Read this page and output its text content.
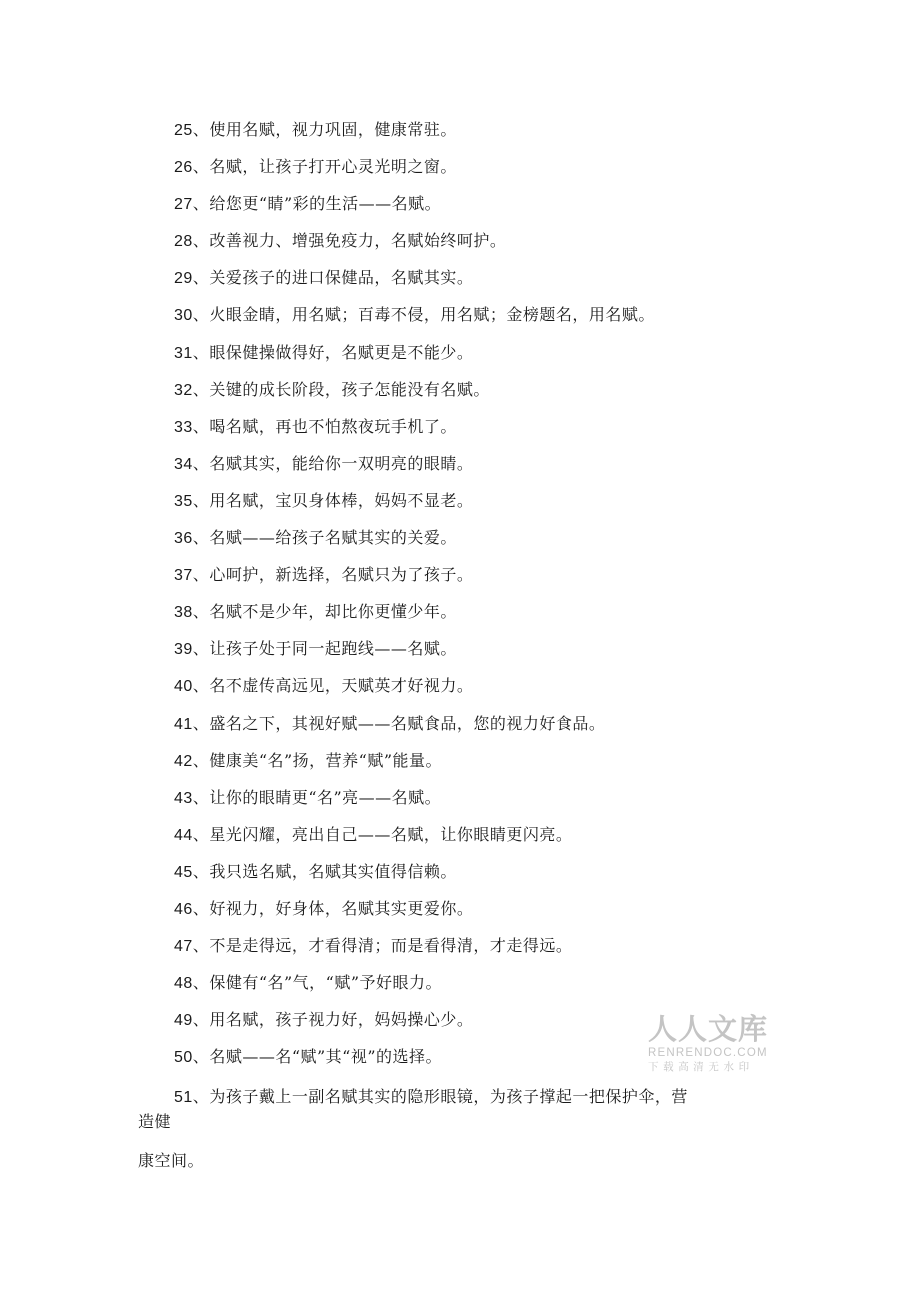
25、使用名赋，视力巩固，健康常驻。
26、名赋，让孩子打开心灵光明之窗。
27、给您更“睛”彩的生活——名赋。
28、改善视力、增强免疫力，名赋始终呵护。
29、关爱孩子的进口保健品，名赋其实。
30、火眼金睛，用名赋；百毒不侵，用名赋；金榜题名，用名赋。
31、眼保健操做得好，名赋更是不能少。
32、关键的成长阶段，孩子怎能没有名赋。
33、喝名赋，再也不怕熬夜玩手机了。
34、名赋其实，能给你一双明亮的眼睛。
35、用名赋，宝贝身体棒，妈妈不显老。
36、名赋——给孩子名赋其实的关爱。
37、心呵护，新选择，名赋只为了孩子。
38、名赋不是少年，却比你更懂少年。
39、让孩子处于同一起跑线——名赋。
40、名不虚传高远见，天赋英才好视力。
41、盛名之下，其视好赋——名赋食品，您的视力好食品。
42、健康美“名”扬，营养“赋”能量。
43、让你的眼睛更“名”亮——名赋。
44、星光闪耀，亮出自己——名赋，让你眼睛更闪亮。
45、我只选名赋，名赋其实值得信赖。
46、好视力，好身体，名赋其实更爱你。
47、不是走得远，才看得清；而是看得清，才走得远。
48、保健有“名”气，“赋”予好眼力。
49、用名赋，孩子视力好，妈妈操心少。
50、名赋——名“赋”其“视”的选择。
51、为孩子戴上一副名赋其实的隐形眼镜，为孩子撑起一把保护伞，营
造健
康空间。
人人文库
RENRENDOC.COM
下载高清无水印
